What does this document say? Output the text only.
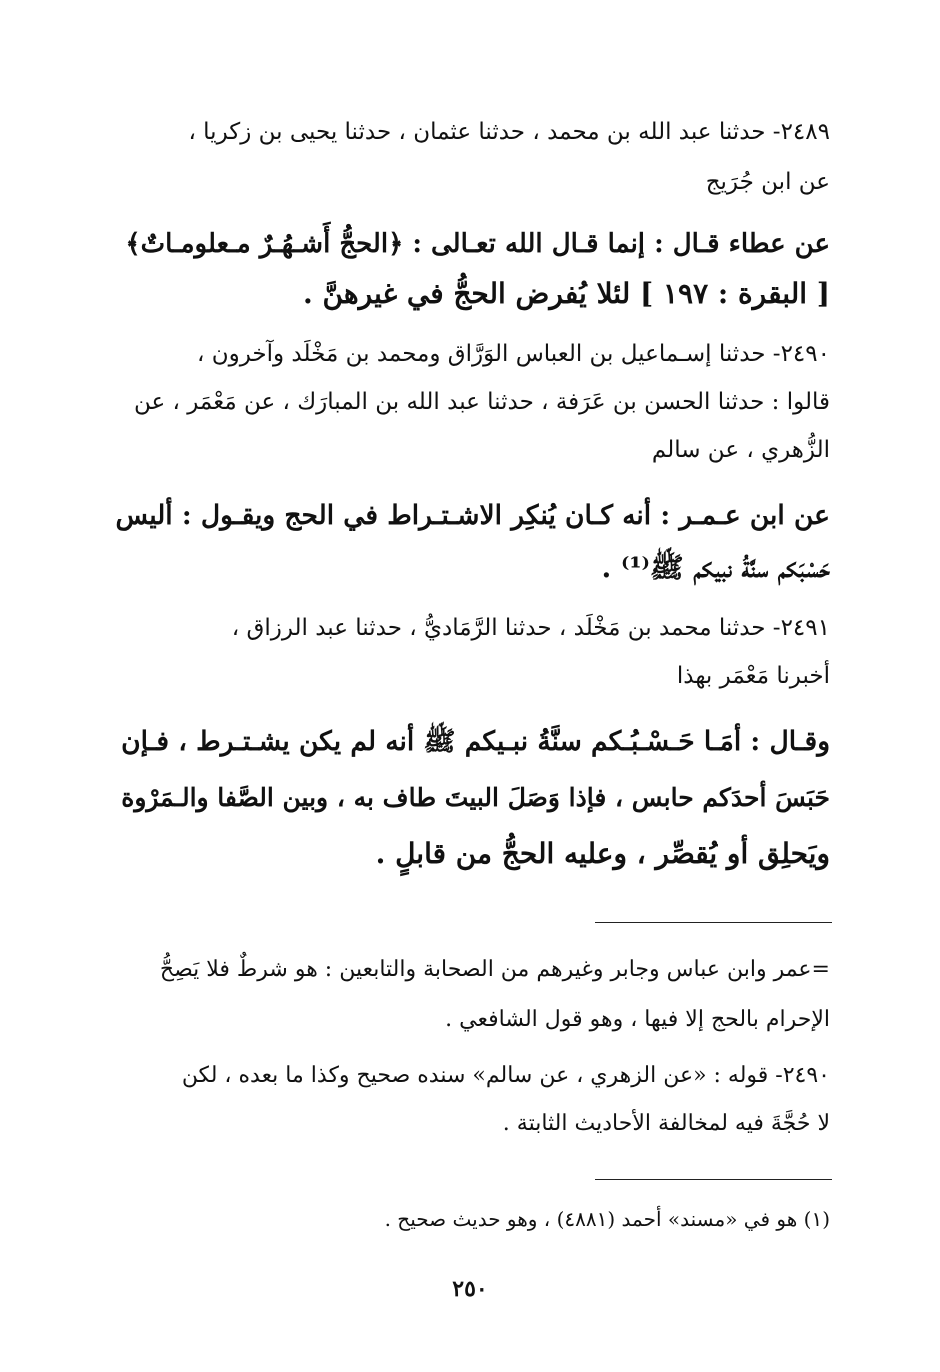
٢٤٨٩- حدثنا عبد الله بن محمد ، حدثنا عثمان ، حدثنا يحيى بن زكريا ،
عن ابن جُرَيج
عن عطاء قـال : إنما قـال الله تعـالى : ﴿الحجُّ أَشـهُـرٌ مـعلومـاتٌ﴾
[ البقرة : ١٩٧ ] لئلا يُفرض الحجُّ في غيرهنَّ .
٢٤٩٠- حدثنا إسـماعيل بن العباس الوَرَّاق ومحمد بن مَخْلَد وآخرون ،
قالوا : حدثنا الحسن بن عَرَفة ، حدثنا عبد الله بن المبارَك ، عن مَعْمَر ، عن
الزُّهري ، عن سالم
عن ابن عـمـر : أنه كـان يُنكِر الاشـتـراط في الحج ويقـول : أليس
حَسْبَكم سنَّةُ نبيكم ﷺ⁽¹⁾ .
٢٤٩١- حدثنا محمد بن مَخْلَد ، حدثنا الرَّمَاديُّ ، حدثنا عبد الرزاق ،
أخبرنا مَعْمَر بهذا
وقـال : أمَـا حَـسْـبُـكم سنَّةُ نبـيكم ﷺ أنه لم يكن يشـتـرط ، فـإن
حَبَسَ أحدَكم حابس ، فإذا وَصَلَ البيتَ طاف به ، وبين الصَّفا والـمَرْوة
ويَحلِق أو يُقصِّر ، وعليه الحجُّ من قابلٍ .
=عمر وابن عباس وجابر وغيرهم من الصحابة والتابعين : هو شرطٌ فلا يَصِحُّ
الإحرام بالحج إلا فيها ، وهو قول الشافعي .
٢٤٩٠- قوله : «عن الزهري ، عن سالم» سنده صحيح وكذا ما بعده ، لكن
لا حُجَّةَ فيه لمخالفة الأحاديث الثابتة .
(١) هو في «مسند» أحمد (٤٨٨١) ، وهو حديث صحيح .
٢٥٠
